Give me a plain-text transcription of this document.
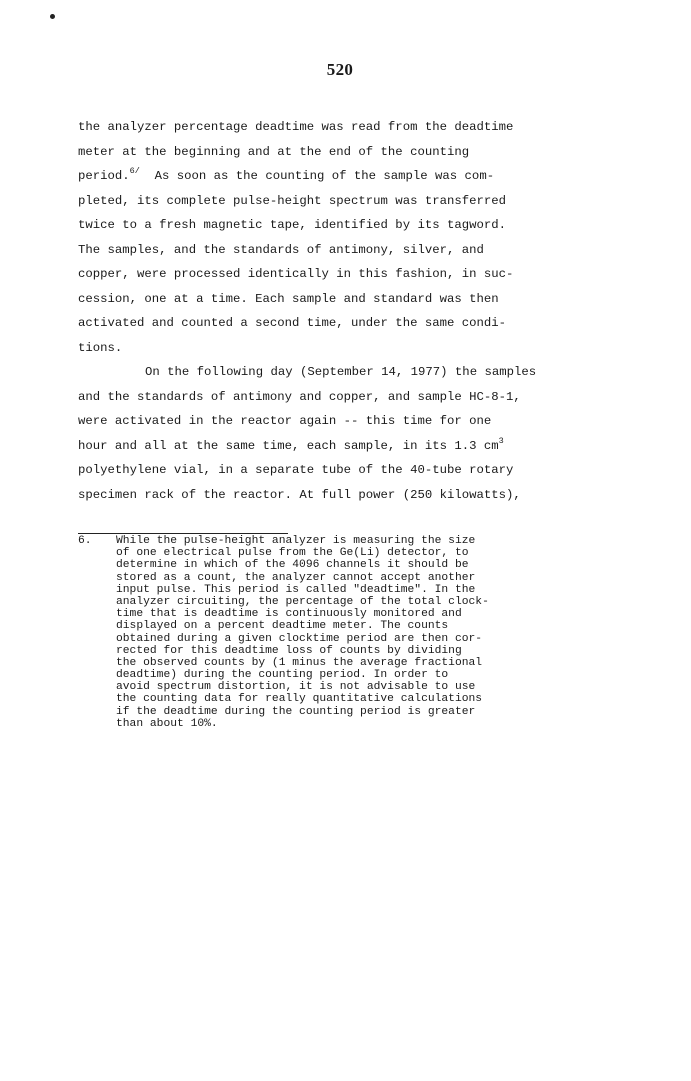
520
the analyzer percentage deadtime was read from the deadtime
meter at the beginning and at the end of the counting
period.$^{6/}$ As soon as the counting of the sample was com-
pleted, its complete pulse-height spectrum was transferred
twice to a fresh magnetic tape, identified by its tagword.
The samples, and the standards of antimony, silver, and
copper, were processed identically in this fashion, in suc-
cession, one at a time. Each sample and standard was then
activated and counted a second time, under the same condi-
tions.
On the following day (September 14, 1977) the samples
and the standards of antimony and copper, and sample HC-8-1,
were activated in the reactor again -- this time for one
hour and all at the same time, each sample, in its 1.3 $cm^3$
polyethylene vial, in a separate tube of the 40-tube rotary
specimen rack of the reactor. At full power (250 kilowatts),
6. While the pulse-height analyzer is measuring the size
of one electrical pulse from the Ge(Li) detector, to
determine in which of the 4096 channels it should be
stored as a count, the analyzer cannot accept another
input pulse. This period is called "deadtime". In the
analyzer circuiting, the percentage of the total clock-
time that is deadtime is continuously monitored and
displayed on a percent deadtime meter. The counts
obtained during a given clocktime period are then cor-
rected for this deadtime loss of counts by dividing
the observed counts by (1 minus the average fractional
deadtime) during the counting period. In order to
avoid spectrum distortion, it is not advisable to use
the counting data for really quantitative calculations
if the deadtime during the counting period is greater
than about 10%.
